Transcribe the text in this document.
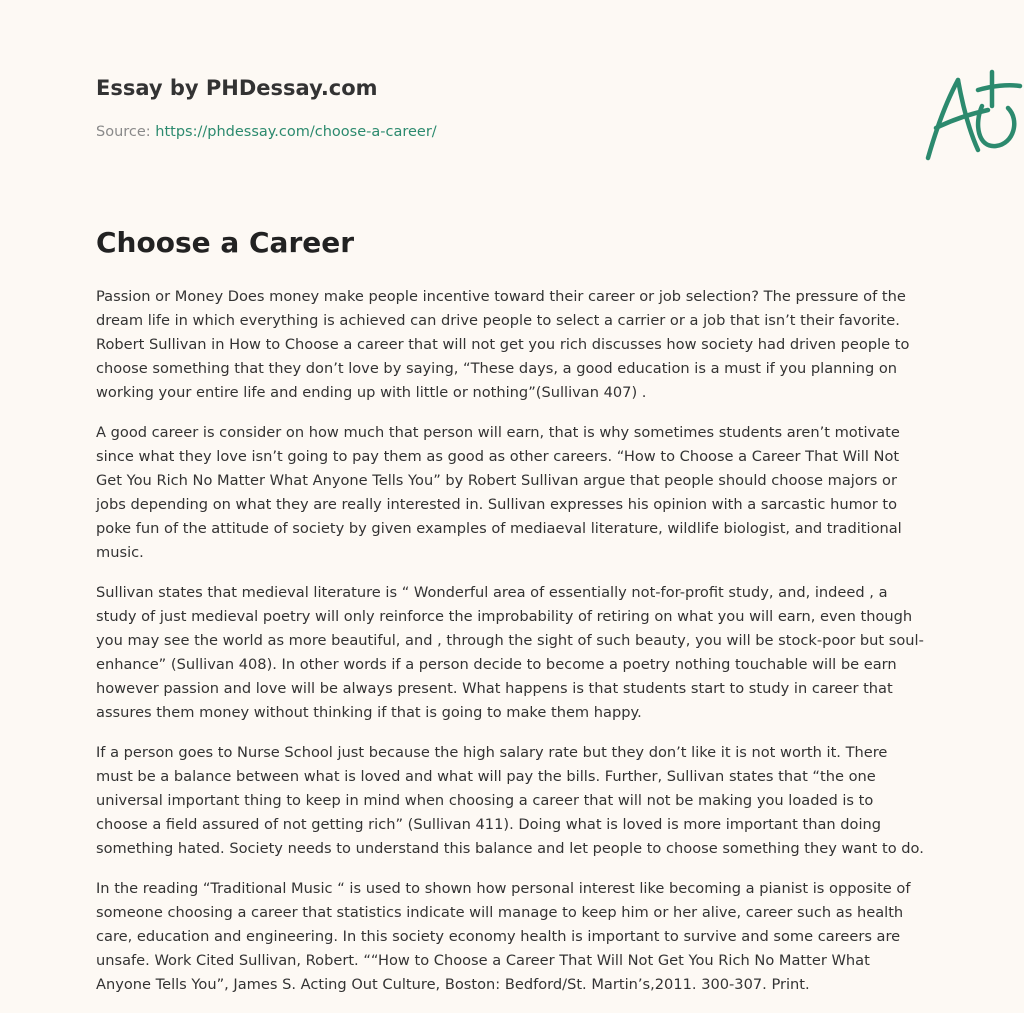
Essay by PHDessay.com
Source: https://phdessay.com/choose-a-career/
Choose a Career

Passion or Money Does money make people incentive toward their career or job selection? The pressure of the dream life in which everything is achieved can drive people to select a carrier or a job that isn’t their favorite. Robert Sullivan in How to Choose a career that will not get you rich discusses how society had driven people to choose something that they don’t love by saying, “These days, a good education is a must if you planning on working your entire life and ending up with little or nothing”(Sullivan 407) .

A good career is consider on how much that person will earn, that is why sometimes students aren’t motivate since what they love isn’t going to pay them as good as other careers. “How to Choose a Career That Will Not Get You Rich No Matter What Anyone Tells You” by Robert Sullivan argue that people should choose majors or jobs depending on what they are really interested in. Sullivan expresses his opinion with a sarcastic humor to poke fun of the attitude of society by given examples of mediaeval literature, wildlife biologist, and traditional music.

Sullivan states that medieval literature is “ Wonderful area of essentially not-for-profit study, and, indeed , a study of just medieval poetry will only reinforce the improbability of retiring on what you will earn, even though you may see the world as more beautiful, and , through the sight of such beauty, you will be stock-poor but soul-enhance” (Sullivan 408). In other words if a person decide to become a poetry nothing touchable will be earn however passion and love will be always present. What happens is that students start to study in career that assures them money without thinking if that is going to make them happy.

If a person goes to Nurse School just because the high salary rate but they don’t like it is not worth it. There must be a balance between what is loved and what will pay the bills. Further, Sullivan states that “the one universal important thing to keep in mind when choosing a career that will not be making you loaded is to choose a field assured of not getting rich” (Sullivan 411). Doing what is loved is more important than doing something hated. Society needs to understand this balance and let people to choose something they want to do.

In the reading “Traditional Music “ is used to shown how personal interest like becoming a pianist is opposite of someone choosing a career that statistics indicate will manage to keep him or her alive, career such as health care, education and engineering. In this society economy health is important to survive and some careers are unsafe. Work Cited Sullivan, Robert. ““How to Choose a Career That Will Not Get You Rich No Matter What Anyone Tells You”, James S. Acting Out Culture, Boston: Bedford/St. Martin’s,2011. 300-307. Print.
